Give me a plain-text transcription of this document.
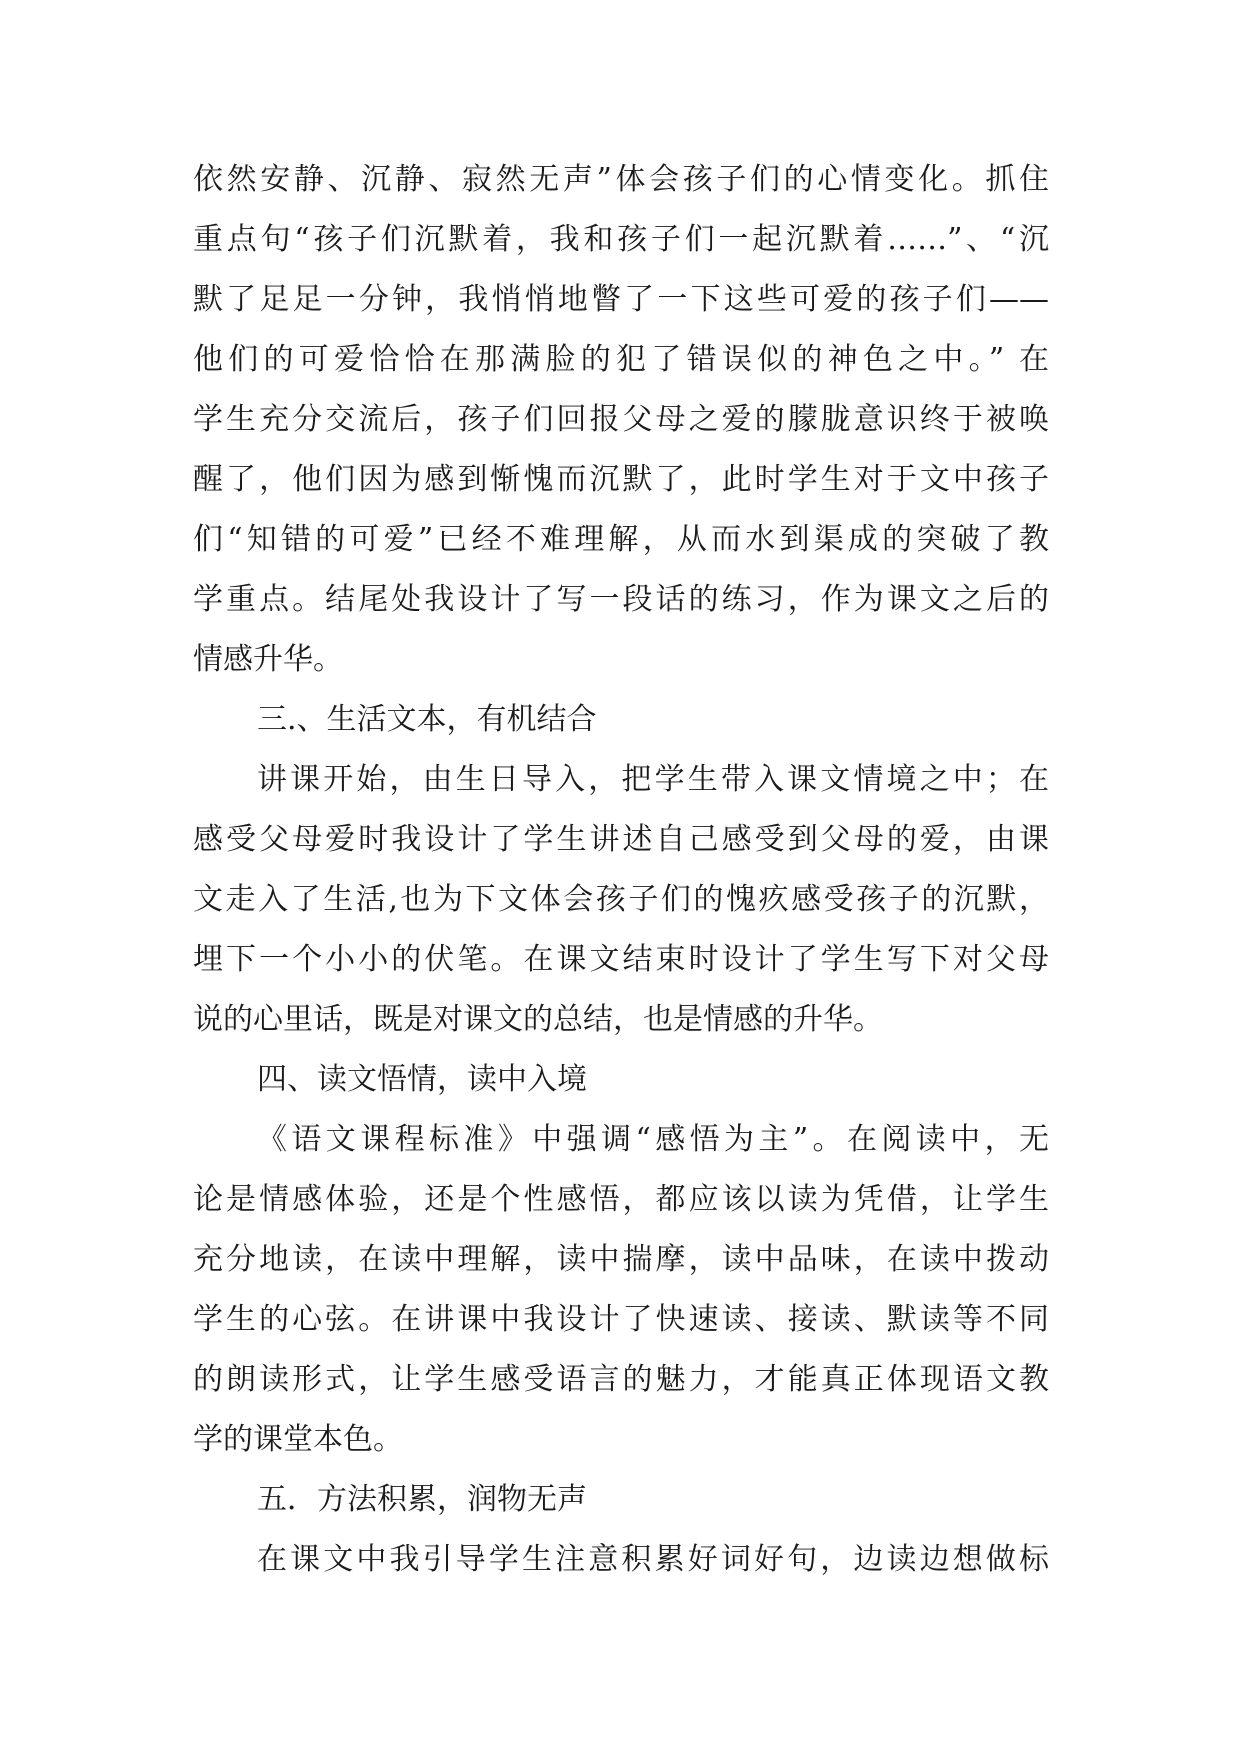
依然安静、沉静、寂然无声”体会孩子们的心情变化。抓住
重点句“孩子们沉默着，我和孩子们一起沉默着……”、“沉
默了足足一分钟，我悄悄地瞥了一下这些可爱的孩子们——
他们的可爱恰恰在那满脸的犯了错误似的神色之中。” 在
学生充分交流后，孩子们回报父母之爱的朦胧意识终于被唤
醒了，他们因为感到惭愧而沉默了，此时学生对于文中孩子
们“知错的可爱”已经不难理解，从而水到渠成的突破了教
学重点。结尾处我设计了写一段话的练习，作为课文之后的
情感升华。
三.、生活文本，有机结合
讲课开始，由生日导入，把学生带入课文情境之中；在
感受父母爱时我设计了学生讲述自己感受到父母的爱，由课
文走入了生活,也为下文体会孩子们的愧疚感受孩子的沉默，
埋下一个小小的伏笔。在课文结束时设计了学生写下对父母
说的心里话，既是对课文的总结，也是情感的升华。
四、读文悟情，读中入境
《语文课程标准》中强调“感悟为主”。在阅读中，无
论是情感体验，还是个性感悟，都应该以读为凭借，让学生
充分地读，在读中理解，读中揣摩，读中品味，在读中拨动
学生的心弦。在讲课中我设计了快速读、接读、默读等不同
的朗读形式，让学生感受语言的魅力，才能真正体现语文教
学的课堂本色。
五．方法积累，润物无声
在课文中我引导学生注意积累好词好句，边读边想做标
